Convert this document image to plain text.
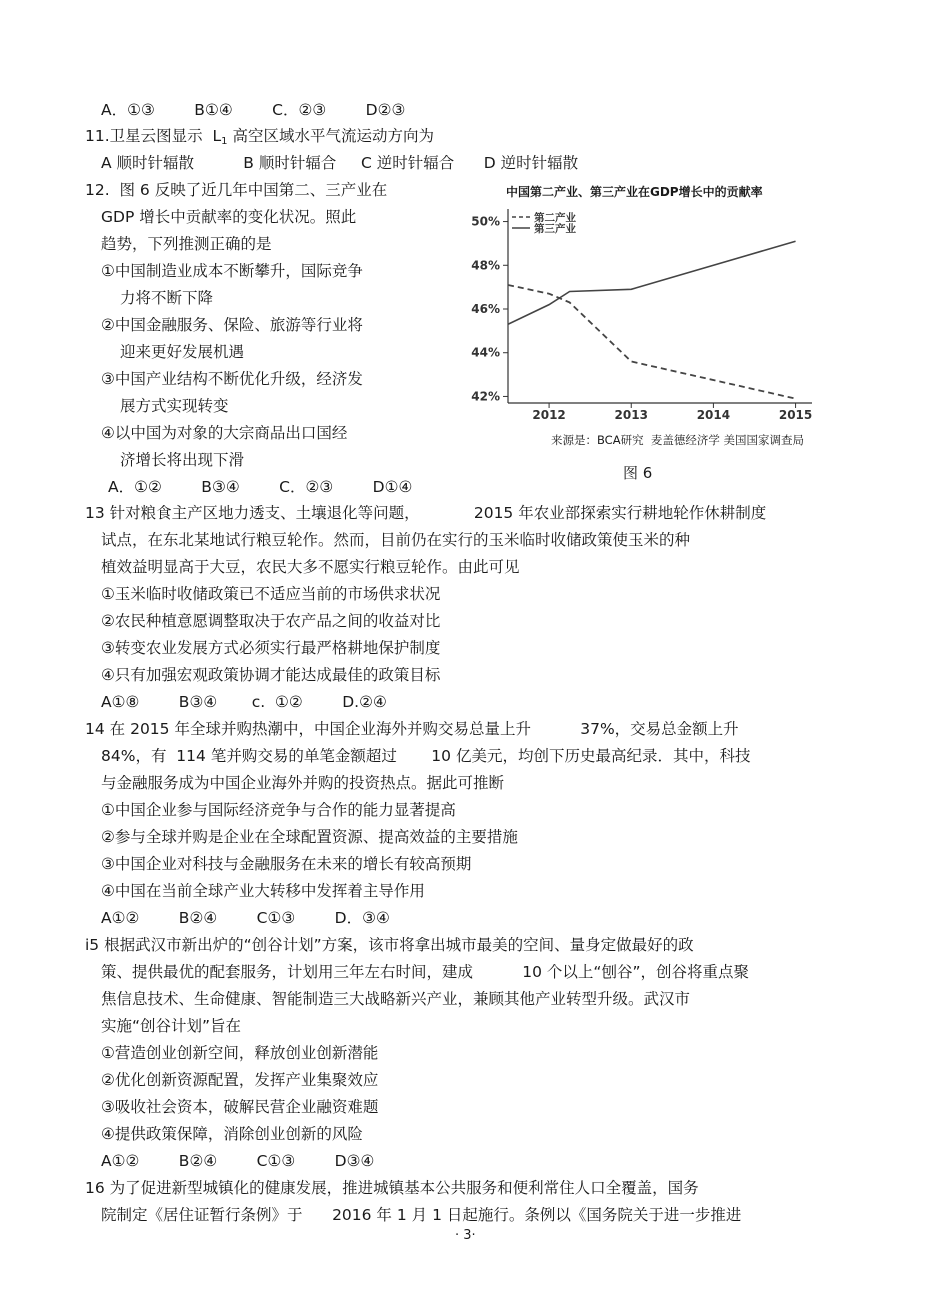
A．①③        B①④        C．②③        D②③
11.卫星云图显示  $L_1$ 高空区域水平气流运动方向为
A 顺时针辐散          B 顺时针辐合     C 逆时针辐合      D 逆时针辐散
12.  图 6 反映了近几年中国第二、三产业在
GDP 增长中贡献率的变化状况。照此
趋势，下列推测正确的是
①中国制造业成本不断攀升，国际竞争
力将不断下降
②中国金融服务、保险、旅游等行业将
迎来更好发展机遇
③中国产业结构不断优化升级，经济发
展方式实现转变
④以中国为对象的大宗商品出口国经
济增长将出现下滑
A．①②        B③④        C．②③        D①④
中国第二产业、第三产业在GDP增长中的贡献率
42%
44%
46%
48%
50%
2012	2013	2014	2015
第二产业
第三产业
来源是：BCA研究  麦盖德经济学 美国国家调查局
图 6
13 针对粮食主产区地力透支、土壤退化等问题，           2015 年农业部探索实行耕地轮作休耕制度
试点，在东北某地试行粮豆轮作。然而，目前仍在实行的玉米临时收储政策使玉米的种
植效益明显高于大豆，农民大多不愿实行粮豆轮作。由此可见
①玉米临时收储政策已不适应当前的市场供求状况
②农民种植意愿调整取决于农产品之间的收益对比
③转变农业发展方式必须实行最严格耕地保护制度
④只有加强宏观政策协调才能达成最佳的政策目标
A①⑧        B③④       c.  ①②        D.②④
14 在 2015 年全球并购热潮中，中国企业海外并购交易总量上升          37%，交易总金额上升
84%，有  114 笔并购交易的单笔金额超过       10 亿美元，均创下历史最高纪录．其中，科技
与金融服务成为中国企业海外并购的投资热点。据此可推断
①中国企业参与国际经济竞争与合作的能力显著提高
②参与全球并购是企业在全球配置资源、提高效益的主要措施
③中国企业对科技与金融服务在未来的增长有较高预期
④中国在当前全球产业大转移中发挥着主导作用
A①②        B②④        C①③        D．③④
i5 根据武汉市新出炉的“创谷计划”方案，该市将拿出城市最美的空间、量身定做最好的政
策、提供最优的配套服务，计划用三年左右时间，建成          10 个以上“刨谷”，创谷将重点聚
焦信息技术、生命健康、智能制造三大战略新兴产业，兼顾其他产业转型升级。武汉市
实施“创谷计划”旨在
①营造创业创新空间，释放创业创新潜能
②优化创新资源配置，发挥产业集聚效应
③吸收社会资本，破解民营企业融资难题
④提供政策保障，消除创业创新的风险
A①②        B②④        C①③        D③④
16 为了促进新型城镇化的健康发展，推进城镇基本公共服务和便利常住人口全覆盖，国务
院制定《居住证暂行条例》于      2016 年 1 月 1 日起施行。条例以《国务院关于进一步推进
· 3·
